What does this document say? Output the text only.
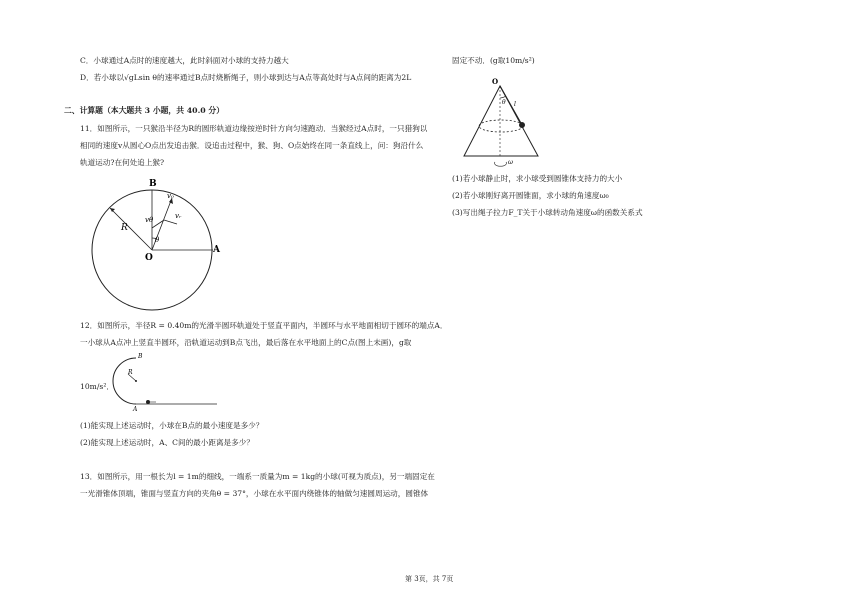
C．小球通过A点时的速度越大，此时斜面对小球的支持力越大
D．若小球以√gLsin θ的速率通过B点时烧断绳子，则小球到达与A点等高处时与A点间的距离为2L
二、计算题（本大题共 3 小题，共 40.0 分）
11．如图所示，一只猴沿半径为R的圆形轨道边缘按逆时针方向匀速跑动．当猴经过A点时，一只猎狗以
相同的速度v从圆心O点出发追击猴．设追击过程中，猴、狗、O点始终在同一条直线上，问：狗沿什么
轨道运动?在何处追上猴?
B
R
v₀
vᵣ
vθ
θ
O
A
12．如图所示，半径R = 0.40m的光滑半圆环轨道处于竖直平面内，半圆环与水平地面相切于圆环的端点A．
一小球从A点冲上竖直半圆环，沿轨道运动到B点飞出，最后落在水平地面上的C点(图上未画)，g取
10m/s²．
B
R
A
(1)能实现上述运动时，小球在B点的最小速度是多少？
(2)能实现上述运动时，A、C间的最小距离是多少？
13．如图所示，用一根长为l = 1m的细线，一端系一质量为m = 1kg的小球(可视为质点)，另一端固定在
一光滑锥体顶端，锥面与竖直方向的夹角θ = 37°，小球在水平面内绕锥体的轴做匀速圆周运动，圆锥体
固定不动．(g取10m/s²)
O
θ l
ω
(1)若小球静止时，求小球受到圆锥体支持力的大小
(2)若小球刚好离开圆锥面，求小球的角速度ω₀
(3)写出绳子拉力F_T关于小球转动角速度ω的函数关系式
第 3页，共 7页
